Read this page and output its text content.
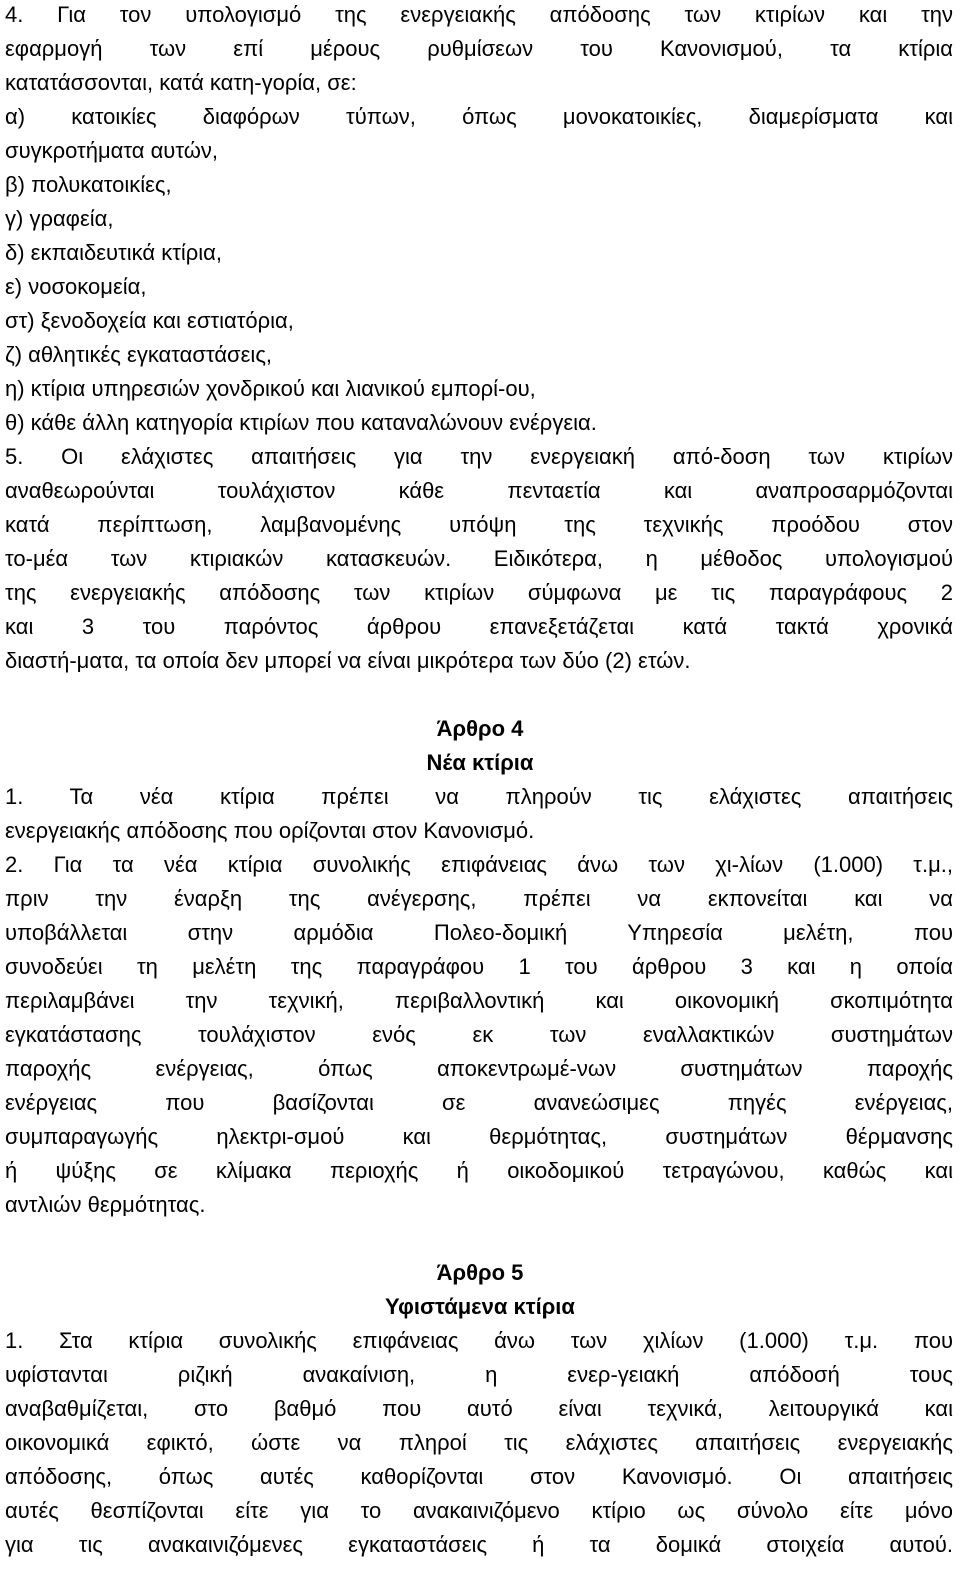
4. Για τον υπολογισμό της ενεργειακής απόδοσης των κτιρίων και την
εφαρμογή των επί μέρους ρυθμίσεων του Κανονισμού, τα κτίρια
κατατάσσονται, κατά κατη-γορία, σε:
α) κατοικίες διαφόρων τύπων, όπως μονοκατοικίες, διαμερίσματα και
συγκροτήματα αυτών,
β) πολυκατοικίες,
γ) γραφεία,
δ) εκπαιδευτικά κτίρια,
ε) νοσοκομεία,
στ) ξενοδοχεία και εστιατόρια,
ζ) αθλητικές εγκαταστάσεις,
η) κτίρια υπηρεσιών χονδρικού και λιανικού εμπορί-ου,
θ) κάθε άλλη κατηγορία κτιρίων που καταναλώνουν ενέργεια.
5. Οι ελάχιστες απαιτήσεις για την ενεργειακή από-δοση των κτιρίων
αναθεωρούνται τουλάχιστον κάθε πενταετία και αναπροσαρμόζονται
κατά περίπτωση, λαμβανομένης υπόψη της τεχνικής προόδου στον
το-μέα των κτιριακών κατασκευών. Ειδικότερα, η μέθοδος υπολογισμού
της ενεργειακής απόδοσης των κτιρίων σύμφωνα με τις παραγράφους 2
και 3 του παρόντος άρθρου επανεξετάζεται κατά τακτά χρονικά
διαστή-ματα, τα οποία δεν μπορεί να είναι μικρότερα των δύο (2) ετών.
Άρθρο 4
Νέα κτίρια
1. Τα νέα κτίρια πρέπει να πληρούν τις ελάχιστες απαιτήσεις
ενεργειακής απόδοσης που ορίζονται στον Κανονισμό.
2. Για τα νέα κτίρια συνολικής επιφάνειας άνω των χι-λίων (1.000) τ.μ.,
πριν την έναρξη της ανέγερσης, πρέπει να εκπονείται και να
υποβάλλεται στην αρμόδια Πολεο-δομική Υπηρεσία μελέτη, που
συνοδεύει τη μελέτη της παραγράφου 1 του άρθρου 3 και η οποία
περιλαμβάνει την τεχνική, περιβαλλοντική και οικονομική σκοπιμότητα
εγκατάστασης τουλάχιστον ενός εκ των εναλλακτικών συστημάτων
παροχής ενέργειας, όπως αποκεντρωμέ-νων συστημάτων παροχής
ενέργειας που βασίζονται σε ανανεώσιμες πηγές ενέργειας,
συμπαραγωγής ηλεκτρι-σμού και θερμότητας, συστημάτων θέρμανσης
ή ψύξης σε κλίμακα περιοχής ή οικοδομικού τετραγώνου, καθώς και
αντλιών θερμότητας.
Άρθρο 5
Υφιστάμενα κτίρια
1. Στα κτίρια συνολικής επιφάνειας άνω των χιλίων (1.000) τ.μ. που
υφίστανται ριζική ανακαίνιση, η ενερ-γειακή απόδοσή τους
αναβαθμίζεται, στο βαθμό που αυτό είναι τεχνικά, λειτουργικά και
οικονομικά εφικτό, ώστε να πληροί τις ελάχιστες απαιτήσεις ενεργειακής
απόδοσης, όπως αυτές καθορίζονται στον Κανονισμό. Οι απαιτήσεις
αυτές θεσπίζονται είτε για το ανακαινιζόμενο κτίριο ως σύνολο είτε μόνο
για τις ανακαινιζόμενες εγκαταστάσεις ή τα δομικά στοιχεία αυτού.
